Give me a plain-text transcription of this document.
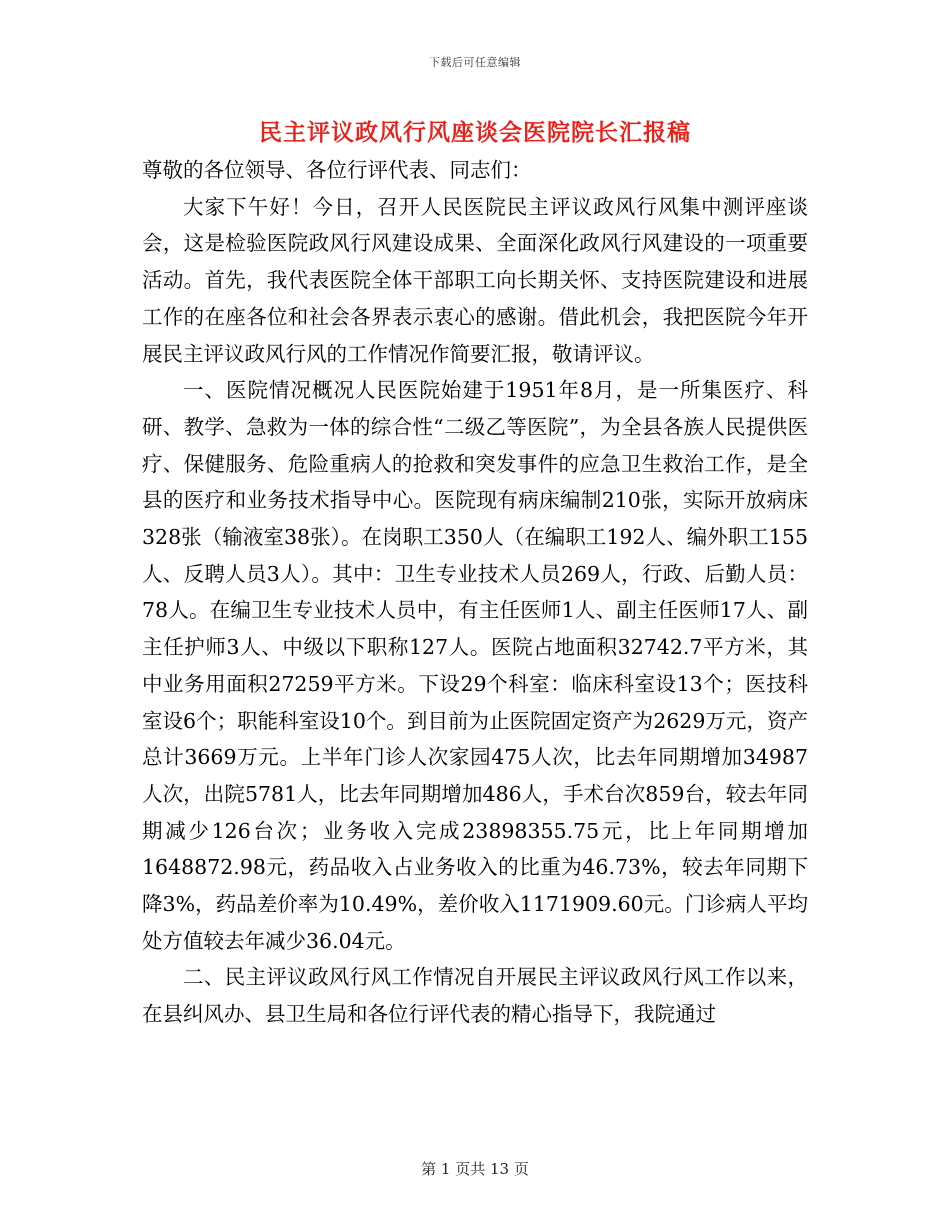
下载后可任意编辑
民主评议政风行风座谈会医院院长汇报稿

尊敬的各位领导、各位行评代表、同志们：

大家下午好！今日，召开人民医院民主评议政风行风集中测评座谈会，这是检验医院政风行风建设成果、全面深化政风行风建设的一项重要活动。首先，我代表医院全体干部职工向长期关怀、支持医院建设和进展工作的在座各位和社会各界表示衷心的感谢。借此机会，我把医院今年开展民主评议政风行风的工作情况作简要汇报，敬请评议。

一、医院情况概况人民医院始建于1951年8月，是一所集医疗、科研、教学、急救为一体的综合性“二级乙等医院”，为全县各族人民提供医疗、保健服务、危险重病人的抢救和突发事件的应急卫生救治工作，是全县的医疗和业务技术指导中心。医院现有病床编制210张，实际开放病床328张（输液室38张）。在岗职工350人（在编职工192人、编外职工155人、反聘人员3人）。其中：卫生专业技术人员269人，行政、后勤人员：78人。在编卫生专业技术人员中，有主任医师1人、副主任医师17人、副主任护师3人、中级以下职称127人。医院占地面积32742.7平方米，其中业务用面积27259平方米。下设29个科室：临床科室设13个；医技科室设6个；职能科室设10个。到目前为止医院固定资产为2629万元，资产总计3669万元。上半年门诊人次家园475人次，比去年同期增加34987人次，出院5781人，比去年同期增加486人，手术台次859台，较去年同期减少126台次；业务收入完成23898355.75元，比上年同期增加1648872.98元，药品收入占业务收入的比重为46.73%，较去年同期下降3%，药品差价率为10.49%，差价收入1171909.60元。门诊病人平均处方值较去年减少36.04元。

二、民主评议政风行风工作情况自开展民主评议政风行风工作以来，在县纠风办、县卫生局和各位行评代表的精心指导下，我院通过

第 1 页共 13 页
